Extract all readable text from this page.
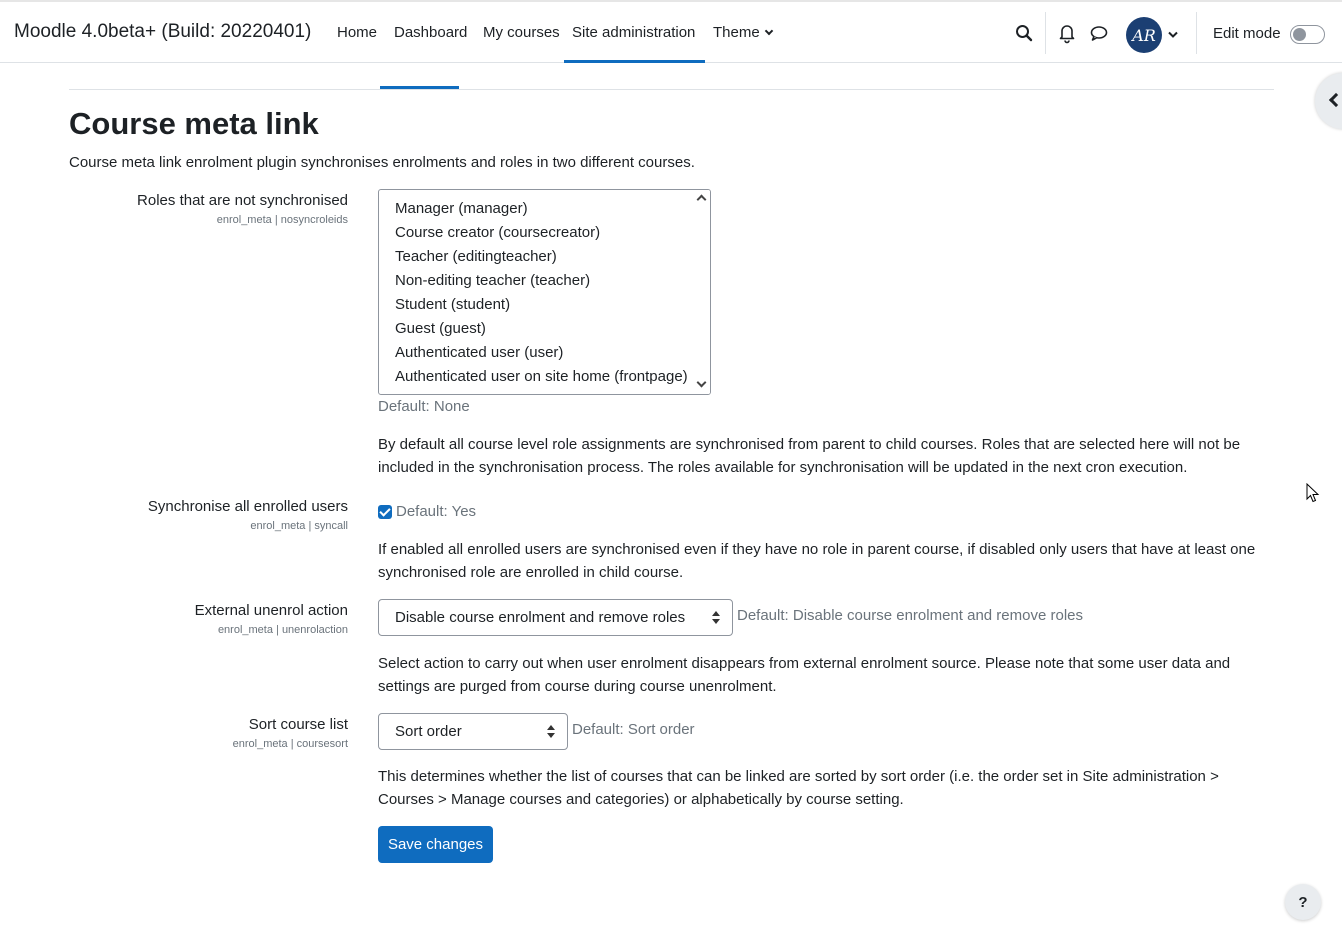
Moodle 4.0beta+ (Build: 20220401) Home Dashboard My courses Site administration Theme	AR	Edit mode
Course meta link
Course meta link enrolment plugin synchronises enrolments and roles in two different courses.
Roles that are not synchronised
enrol_meta | nosyncroleids
Manager (manager)
Course creator (coursecreator)
Teacher (editingteacher)
Non-editing teacher (teacher)
Student (student)
Guest (guest)
Authenticated user (user)
Authenticated user on site home (frontpage)
Default: None
By default all course level role assignments are synchronised from parent to child courses. Roles that are selected here will not be included in the synchronisation process. The roles available for synchronisation will be updated in the next cron execution.
Synchronise all enrolled users
enrol_meta | syncall
Default: Yes
If enabled all enrolled users are synchronised even if they have no role in parent course, if disabled only users that have at least one synchronised role are enrolled in child course.
External unenrol action
enrol_meta | unenrolaction
Disable course enrolment and remove roles	Default: Disable course enrolment and remove roles
Select action to carry out when user enrolment disappears from external enrolment source. Please note that some user data and settings are purged from course during course unenrolment.
Sort course list
enrol_meta | coursesort
Sort order	Default: Sort order
This determines whether the list of courses that can be linked are sorted by sort order (i.e. the order set in Site administration > Courses > Manage courses and categories) or alphabetically by course setting.
Save changes
?
